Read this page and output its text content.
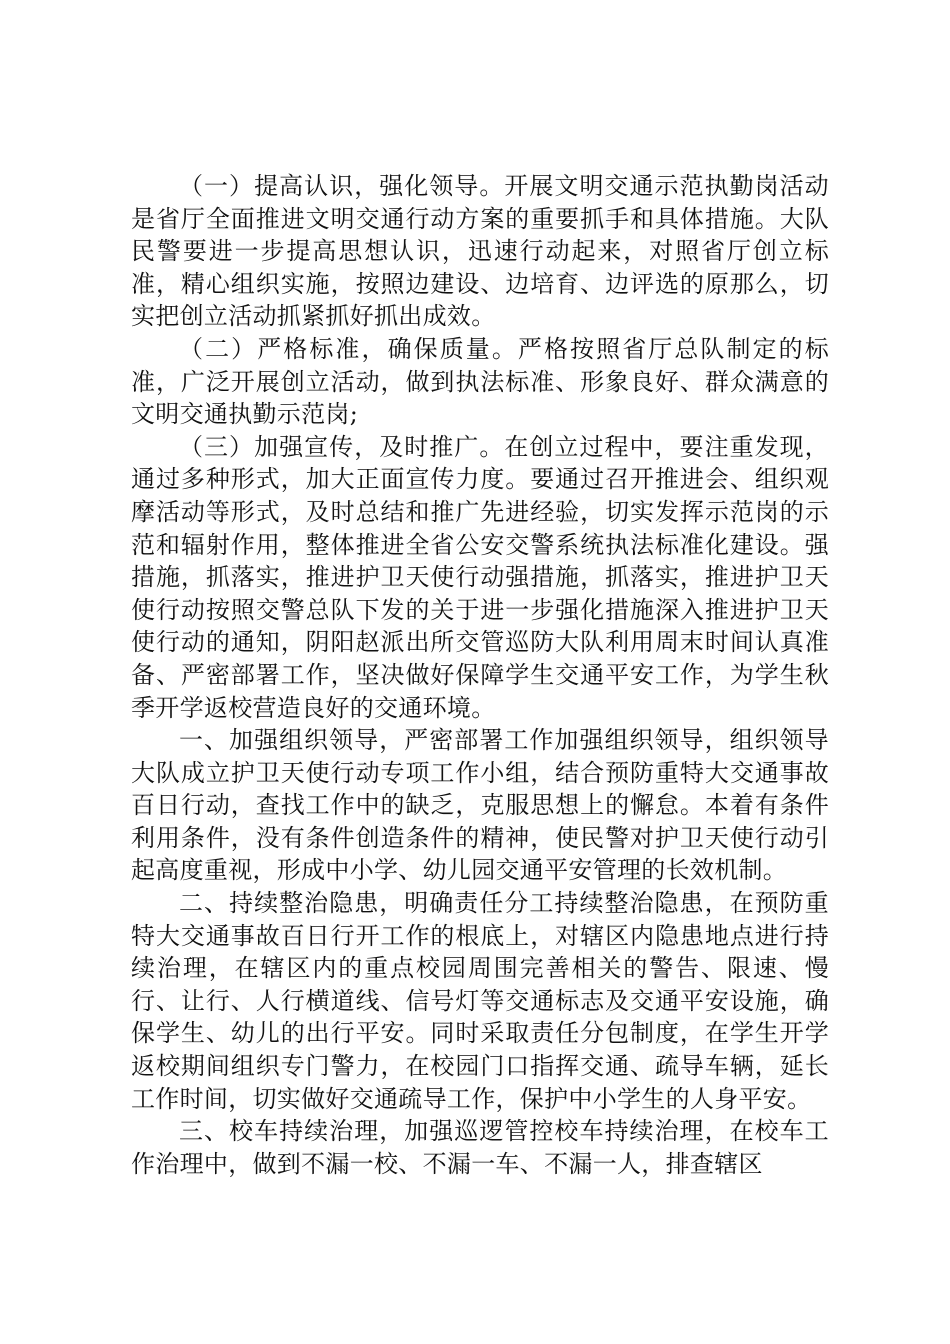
（一）提高认识，强化领导。开展文明交通示范执勤岗活动是省厅全面推进文明交通行动方案的重要抓手和具体措施。大队民警要进一步提高思想认识，迅速行动起来，对照省厅创立标准，精心组织实施，按照边建设、边培育、边评选的原那么，切实把创立活动抓紧抓好抓出成效。

（二）严格标准，确保质量。严格按照省厅总队制定的标准，广泛开展创立活动，做到执法标准、形象良好、群众满意的文明交通执勤示范岗;

（三）加强宣传，及时推广。在创立过程中，要注重发现，通过多种形式，加大正面宣传力度。要通过召开推进会、组织观摩活动等形式，及时总结和推广先进经验，切实发挥示范岗的示范和辐射作用，整体推进全省公安交警系统执法标准化建设。强措施，抓落实，推进护卫天使行动强措施，抓落实，推进护卫天使行动按照交警总队下发的关于进一步强化措施深入推进护卫天使行动的通知，阴阳赵派出所交管巡防大队利用周末时间认真准备、严密部署工作，坚决做好保障学生交通平安工作，为学生秋季开学返校营造良好的交通环境。

一、加强组织领导，严密部署工作加强组织领导，组织领导大队成立护卫天使行动专项工作小组，结合预防重特大交通事故百日行动，查找工作中的缺乏，克服思想上的懈怠。本着有条件利用条件，没有条件创造条件的精神，使民警对护卫天使行动引起高度重视，形成中小学、幼儿园交通平安管理的长效机制。

二、持续整治隐患，明确责任分工持续整治隐患，在预防重特大交通事故百日行开工作的根底上，对辖区内隐患地点进行持续治理，在辖区内的重点校园周围完善相关的警告、限速、慢行、让行、人行横道线、信号灯等交通标志及交通平安设施，确保学生、幼儿的出行平安。同时采取责任分包制度，在学生开学返校期间组织专门警力，在校园门口指挥交通、疏导车辆，延长工作时间，切实做好交通疏导工作，保护中小学生的人身平安。

三、校车持续治理，加强巡逻管控校车持续治理，在校车工作治理中，做到不漏一校、不漏一车、不漏一人，排查辖区
